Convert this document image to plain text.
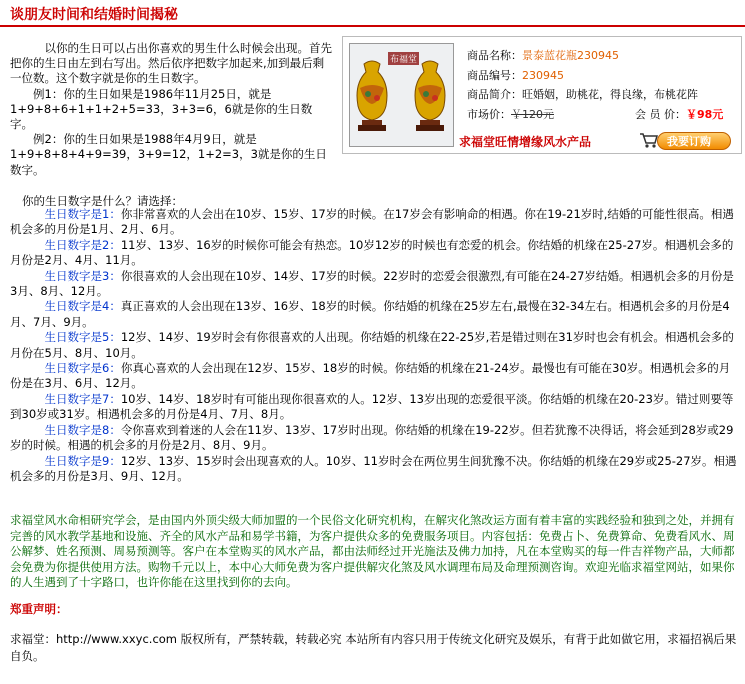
谈朋友时间和结婚时间揭秘

以你的生日可以占出你喜欢的男生什么时候会出现。首先把你的生日由左到右写出。然后依序把数字加起来,加到最后剩一位数。这个数字就是你的生日数字。

例1：你的生日如果是1986年11月25日，就是1+9+8+6+1+1+2+5=33，3+3=6，6就是你的生日数字。

例2：你的生日如果是1988年4月9日，就是1+9+8+8+4+9=39，3+9=12，1+2=3，3就是你的生日数字。

布福堂	商品名称：景泰蓝花瓶230945
商品编号：230945
商品简介：旺婚姻，助桃花，得良缘，布桃花阵
市场价：￥120元	会 员 价：￥98元
求福堂旺情增缘风水产品	我要订购
你的生日数字是什么？请选择：

生日数字是1：你非常喜欢的人会出在10岁、15岁、17岁的时候。在17岁会有影响命的相遇。你在19-21岁时,结婚的可能性很高。相遇机会多的月份是1月、2月、6月。

生日数字是2：11岁、13岁、16岁的时候你可能会有热恋。10岁12岁的时候也有恋爱的机会。你结婚的机缘在25-27岁。相遇机会多的月份是2月、4月、11月。

生日数字是3：你很喜欢的人会出现在10岁、14岁、17岁的时候。22岁时的恋爱会很激烈,有可能在24-27岁结婚。相遇机会多的月份是3月、8月、12月。

生日数字是4：真正喜欢的人会出现在13岁、16岁、18岁的时候。你结婚的机缘在25岁左右,最慢在32-34左右。相遇机会多的月份是4月、7月、9月。

生日数字是5：12岁、14岁、19岁时会有你很喜欢的人出现。你结婚的机缘在22-25岁,若是错过则在31岁时也会有机会。相遇机会多的月份在5月、8月、10月。

生日数字是6：你真心喜欢的人会出现在12岁、15岁、18岁的时候。你结婚的机缘在21-24岁。最慢也有可能在30岁。相遇机会多的月份是在3月、6月、12月。

生日数字是7：10岁、14岁、18岁时有可能出现你很喜欢的人。12岁、13岁出现的恋爱很平淡。你结婚的机缘在20-23岁。错过则要等到30岁或31岁。相遇机会多的月份是4月、7月、8月。

生日数字是8：令你喜欢到着迷的人会在11岁、13岁、17岁时出现。你结婚的机缘在19-22岁。但若犹豫不决得话，将会延到28岁或29岁的时候。相遇的机会多的月份是2月、8月、9月。

生日数字是9：12岁、13岁、15岁时会出现喜欢的人。10岁、11岁时会在两位男生间犹豫不决。你结婚的机缘在29岁或25-27岁。相遇机会多的月份是3月、9月、12月。

求福堂风水命相研究学会，是由国内外顶尖级大师加盟的一个民俗文化研究机构，在解灾化煞改运方面有着丰富的实践经验和独到之处，并拥有完善的风水教学基地和设施、齐全的风水产品和易学书籍，为客户提供众多的免费服务项目。内容包括：免费占卜、免费算命、免费看风水、周公解梦、姓名预测、周易预测等。客户在本堂购买的风水产品，都由法师经过开光施法及佛力加持，凡在本堂购买的每一件吉祥物产品，大师都会免费为你提供使用方法。购物千元以上，本中心大师免费为客户提供解灾化煞及风水调理布局及命理预测咨询。欢迎光临求福堂网站，如果你的人生遇到了十字路口，也许你能在这里找到你的去向。

郑重声明：

求福堂：http://www.xxyc.com 版权所有，严禁转载，转载必究 本站所有内容只用于传统文化研究及娱乐，有背于此如做它用，求福招祸后果自负。
